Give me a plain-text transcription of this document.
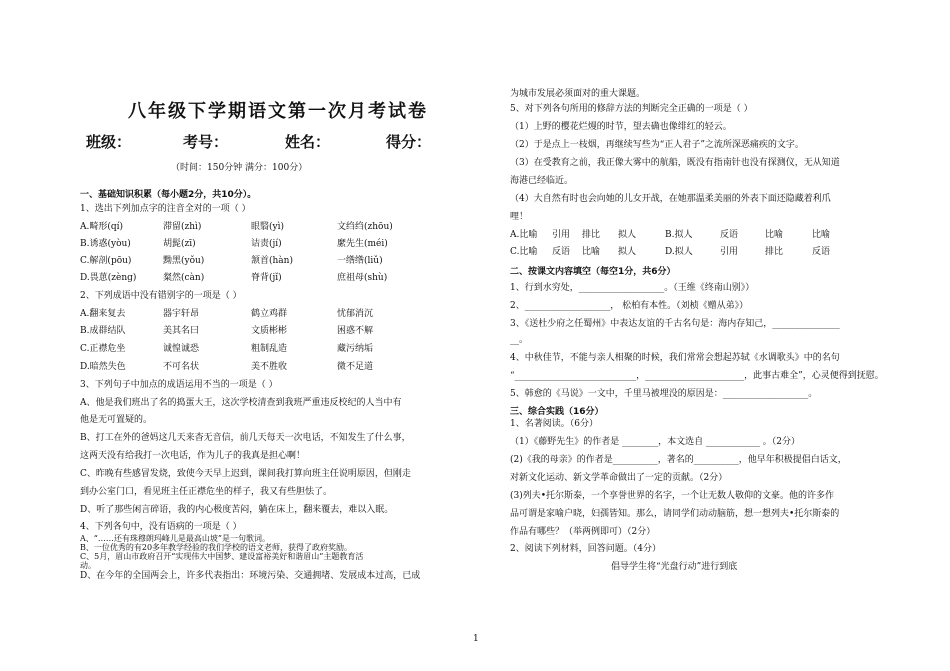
八年级下学期语文第一次月考试卷
班级：	考号：	姓名：	得分：
（时间：150分钟 满分：100分）
一、基础知识积累（每小题2分，共10分）。
1、选出下列加点字的注音全对的一项（ ）
A.畸形(qí)	滞留(zhì)	眼翳(yì)	文绉绉(zhōu)
B.诱惑(yòu)	胡髭(zī)	诘责(jí)	縻先生(méi)
C.解剖(pōu)	黝黑(yǒu)	颔首(hàn)	一绺绺(liǔ)
D.畏葸(zèng)	粲然(càn)	脊背(jǐ)	庶祖母(shù)
2、下列成语中没有错别字的一项是（ ）
A.翻来复去	器宇轩昂	鹤立鸡群	忧郁消沉
B.成群结队	美其名曰	文质彬彬	困惑不解
C.正襟危坐	诚惶诚恐	粗制乱造	藏污纳垢
D.暗然失色	不可名状	美不胜收	微不足道
3、下列句子中加点的成语运用不当的一项是（ ）
A、他是我们班出了名的捣蛋大王，这次学校清查到我班严重违反校纪的人当中有
他是无可置疑的。
B、打工在外的爸妈这几天来杳无音信，前几天每天一次电话，不知发生了什么事，
这两天没有给我打一次电话，作为儿子的我真是担心啊！
C、昨晚有些感冒发烧，致使今天早上迟到，课间我打算向班主任说明原因，但刚走
到办公室门口，看见班主任正襟危坐的样子，我又有些胆怯了。
D、听了那些闲言碎语，我的内心极度苦闷，躺在床上，翻来覆去，难以入眠。
4、下列各句中，没有语病的一项是（ ）
A、“……还有珠穆朗玛峰儿是最高山坡”是一句歌词。
B、一位优秀的有20多年教学经验的我们学校的语文老师，获得了政府奖励。
C、5月，眉山市政府召开“实现伟大中国梦、建设富裕美好和谐眉山”主题教育活
动。
D、在今年的全国两会上，许多代表指出：环境污染、交通拥堵、发展成本过高，已成
为城市发展必须面对的重大课题。
5、对下列各句所用的修辞方法的判断完全正确的一项是（ ）
（1）上野的樱花烂熳的时节，望去确也像绯红的轻云。
（2）于是点上一枝烟，再继续写些为“正人君子”之流所深恶痛疾的文字。
（3）在受教育之前，我正像大雾中的航船，既没有指南针也没有探测仪，无从知道
海港已经临近。
（4）大自然有时也会向她的儿女开战，在她那温柔美丽的外表下面还隐藏着利爪
哩！
A.比喻 引用 排比 拟人	B.拟人	反语	比喻	比喻
C.比喻 反语 比喻 拟人	D.拟人	引用	排比	反语
二、按课文内容填空（每空1分，共6分）
1、行到水穷处，___________________。（王维《终南山别》）
2、___________________， 松柏有本性。（刘桢《赠从弟》）
3、《送杜少府之任蜀州》中表达友谊的千古名句是：海内存知己，_______________
__。
4、中秋佳节，不能与亲人相聚的时候，我们常常会想起苏轼《水调歌头》中的名句
“___________________________，______________________，此事古难全”，心灵便得到抚慰。
5、韩愈的《马说》一文中，千里马被埋没的原因是：___________________。
三、综合实践（16分）
1、名著阅读。（6分）
（1）《藤野先生》的作者是 ________，本文选自 ____________ 。（2分）
(2)《我的母亲》的作者是__________，著名的__________，他早年积极提倡白话文，
对新文化运动、新文学革命做出了一定的贡献。（2分）
(3)列夫•托尔斯泰，一个享誉世界的名字，一个让无数人敬仰的文豪。他的许多作
品可谓是家喻户晓，妇孺皆知。那么，请同学们动动脑筋，想一想列夫•托尔斯泰的
作品有哪些？（举两例即可）（2分）
2、阅读下列材料，回答问题。（4分）
倡导学生将“光盘行动”进行到底
1
